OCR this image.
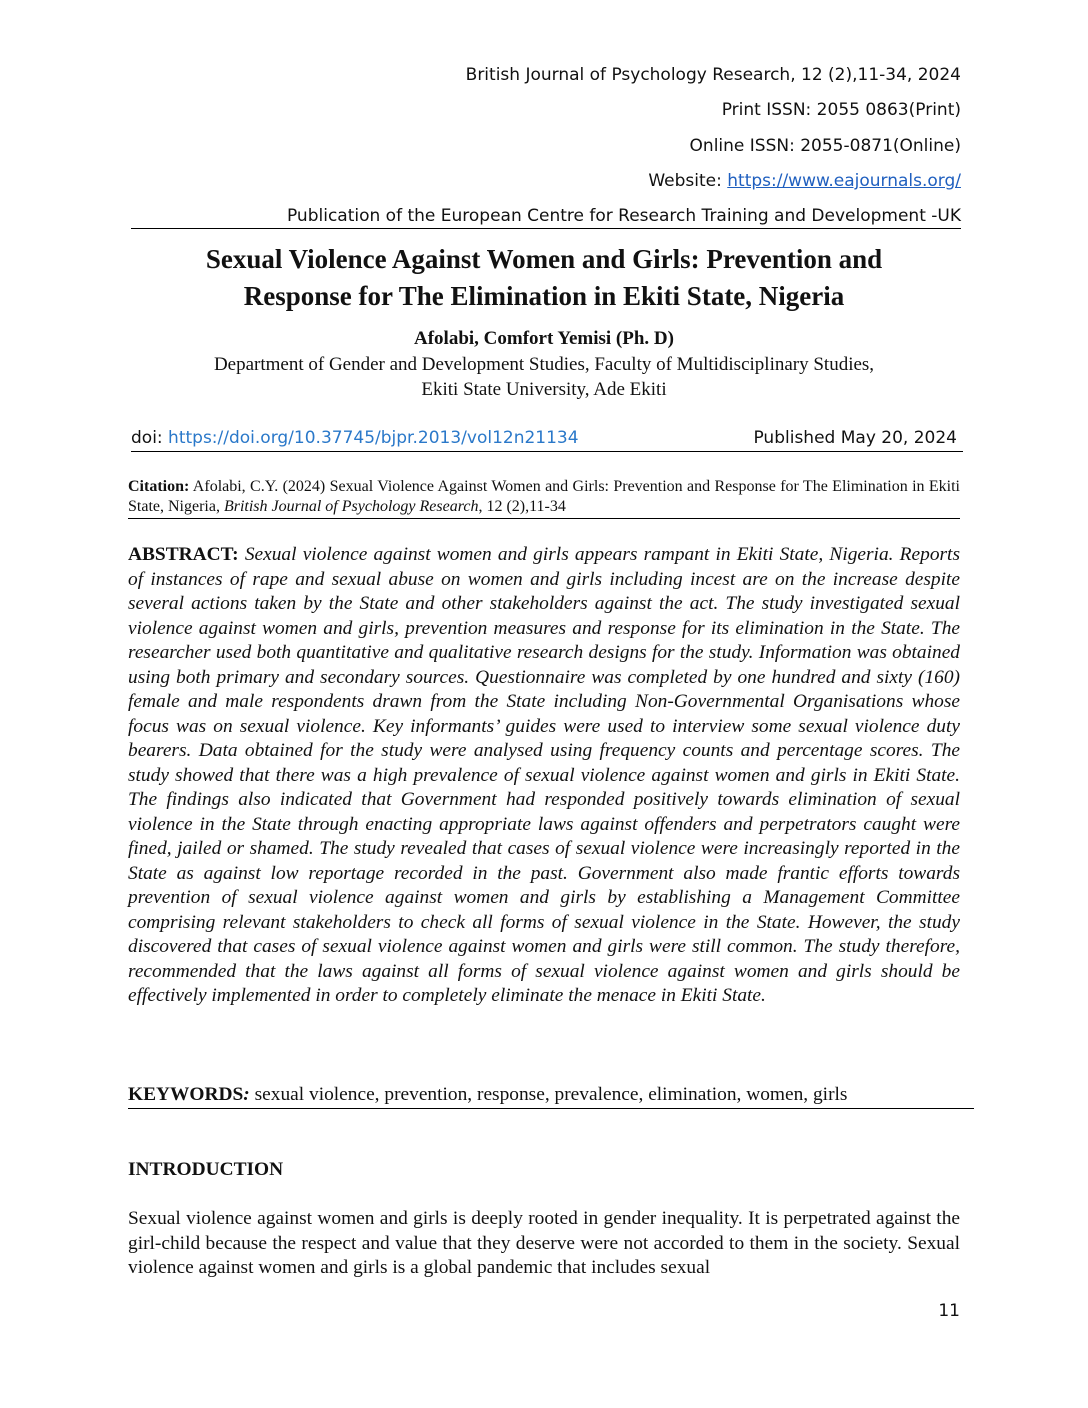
British Journal of Psychology Research, 12 (2),11-34, 2024
Print ISSN: 2055 0863(Print)
Online ISSN: 2055-0871(Online)
Website: https://www.eajournals.org/
Publication of the European Centre for Research Training and Development -UK
Sexual Violence Against Women and Girls: Prevention and
Response for The Elimination in Ekiti State, Nigeria
Afolabi, Comfort Yemisi (Ph. D)
Department of Gender and Development Studies, Faculty of Multidisciplinary Studies,
Ekiti State University, Ade Ekiti
doi: https://doi.org/10.37745/bjpr.2013/vol12n21134	Published May 20, 2024
Citation: Afolabi, C.Y. (2024) Sexual Violence Against Women and Girls: Prevention and Response for The Elimination in Ekiti State, Nigeria, British Journal of Psychology Research, 12 (2),11-34
ABSTRACT: Sexual violence against women and girls appears rampant in Ekiti State, Nigeria. Reports of instances of rape and sexual abuse on women and girls including incest are on the increase despite several actions taken by the State and other stakeholders against the act. The study investigated sexual violence against women and girls, prevention measures and response for its elimination in the State. The researcher used both quantitative and qualitative research designs for the study. Information was obtained using both primary and secondary sources. Questionnaire was completed by one hundred and sixty (160) female and male respondents drawn from the State including Non-Governmental Organisations whose focus was on sexual violence. Key informants’ guides were used to interview some sexual violence duty bearers. Data obtained for the study were analysed using frequency counts and percentage scores. The study showed that there was a high prevalence of sexual violence against women and girls in Ekiti State. The findings also indicated that Government had responded positively towards elimination of sexual violence in the State through enacting appropriate laws against offenders and perpetrators caught were fined, jailed or shamed. The study revealed that cases of sexual violence were increasingly reported in the State as against low reportage recorded in the past. Government also made frantic efforts towards prevention of sexual violence against women and girls by establishing a Management Committee comprising relevant stakeholders to check all forms of sexual violence in the State. However, the study discovered that cases of sexual violence against women and girls were still common. The study therefore, recommended that the laws against all forms of sexual violence against women and girls should be effectively implemented in order to completely eliminate the menace in Ekiti State.
KEYWORDS: sexual violence, prevention, response, prevalence, elimination, women, girls
INTRODUCTION
Sexual violence against women and girls is deeply rooted in gender inequality. It is perpetrated against the girl-child because the respect and value that they deserve were not accorded to them in the society. Sexual violence against women and girls is a global pandemic that includes sexual
11
